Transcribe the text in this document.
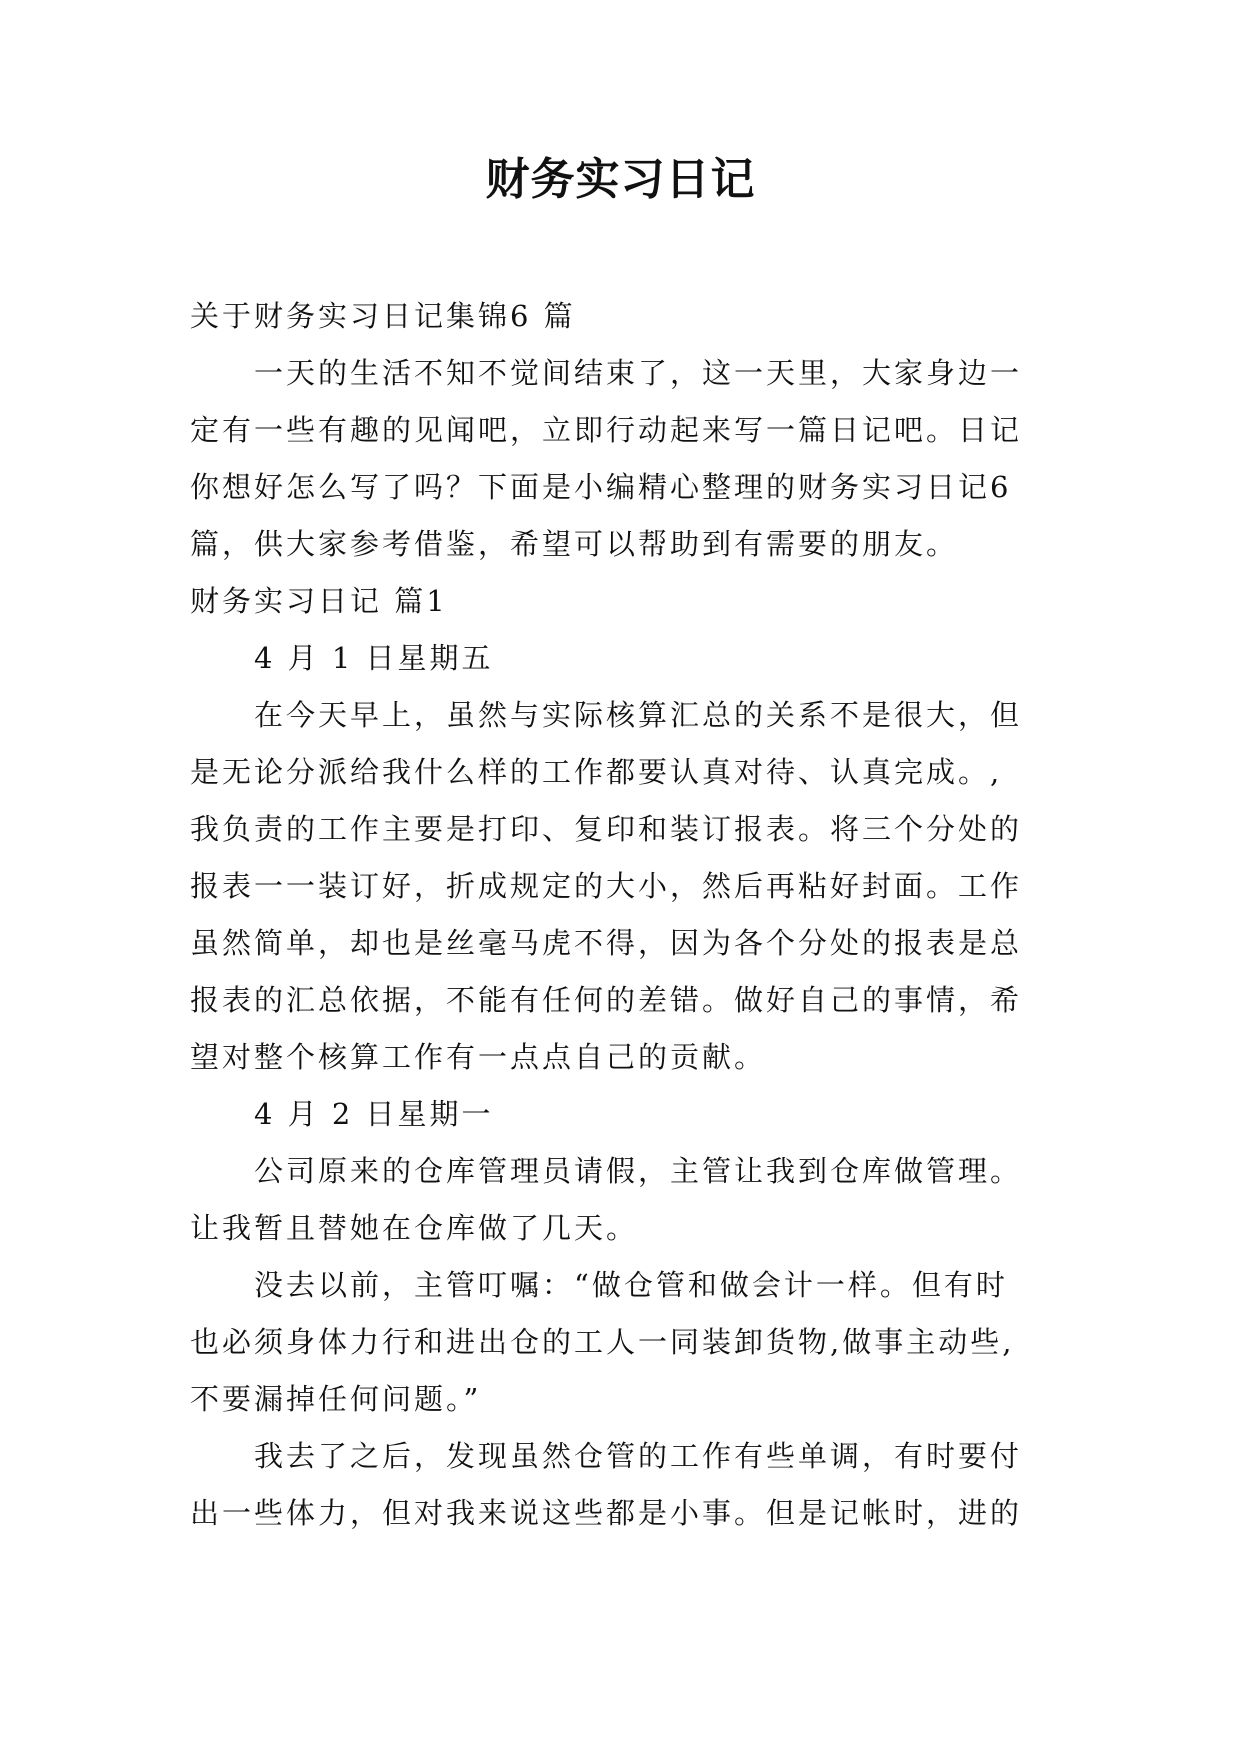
财务实习日记
关于财务实习日记集锦6 篇
一天的生活不知不觉间结束了，这一天里，大家身边一
定有一些有趣的见闻吧，立即行动起来写一篇日记吧。日记
你想好怎么写了吗？下面是小编精心整理的财务实习日记6
篇，供大家参考借鉴，希望可以帮助到有需要的朋友。
财务实习日记 篇1
4 月 1 日星期五
在今天早上，虽然与实际核算汇总的关系不是很大，但
是无论分派给我什么样的工作都要认真对待、认真完成。,
我负责的工作主要是打印、复印和装订报表。将三个分处的
报表一一装订好，折成规定的大小，然后再粘好封面。工作
虽然简单，却也是丝毫马虎不得，因为各个分处的报表是总
报表的汇总依据，不能有任何的差错。做好自己的事情，希
望对整个核算工作有一点点自己的贡献。
4 月 2 日星期一
公司原来的仓库管理员请假，主管让我到仓库做管理。
让我暂且替她在仓库做了几天。
没去以前，主管叮嘱：“做仓管和做会计一样。但有时
也必须身体力行和进出仓的工人一同装卸货物,做事主动些,
不要漏掉任何问题。”
我去了之后，发现虽然仓管的工作有些单调，有时要付
出一些体力，但对我来说这些都是小事。但是记帐时，进的
